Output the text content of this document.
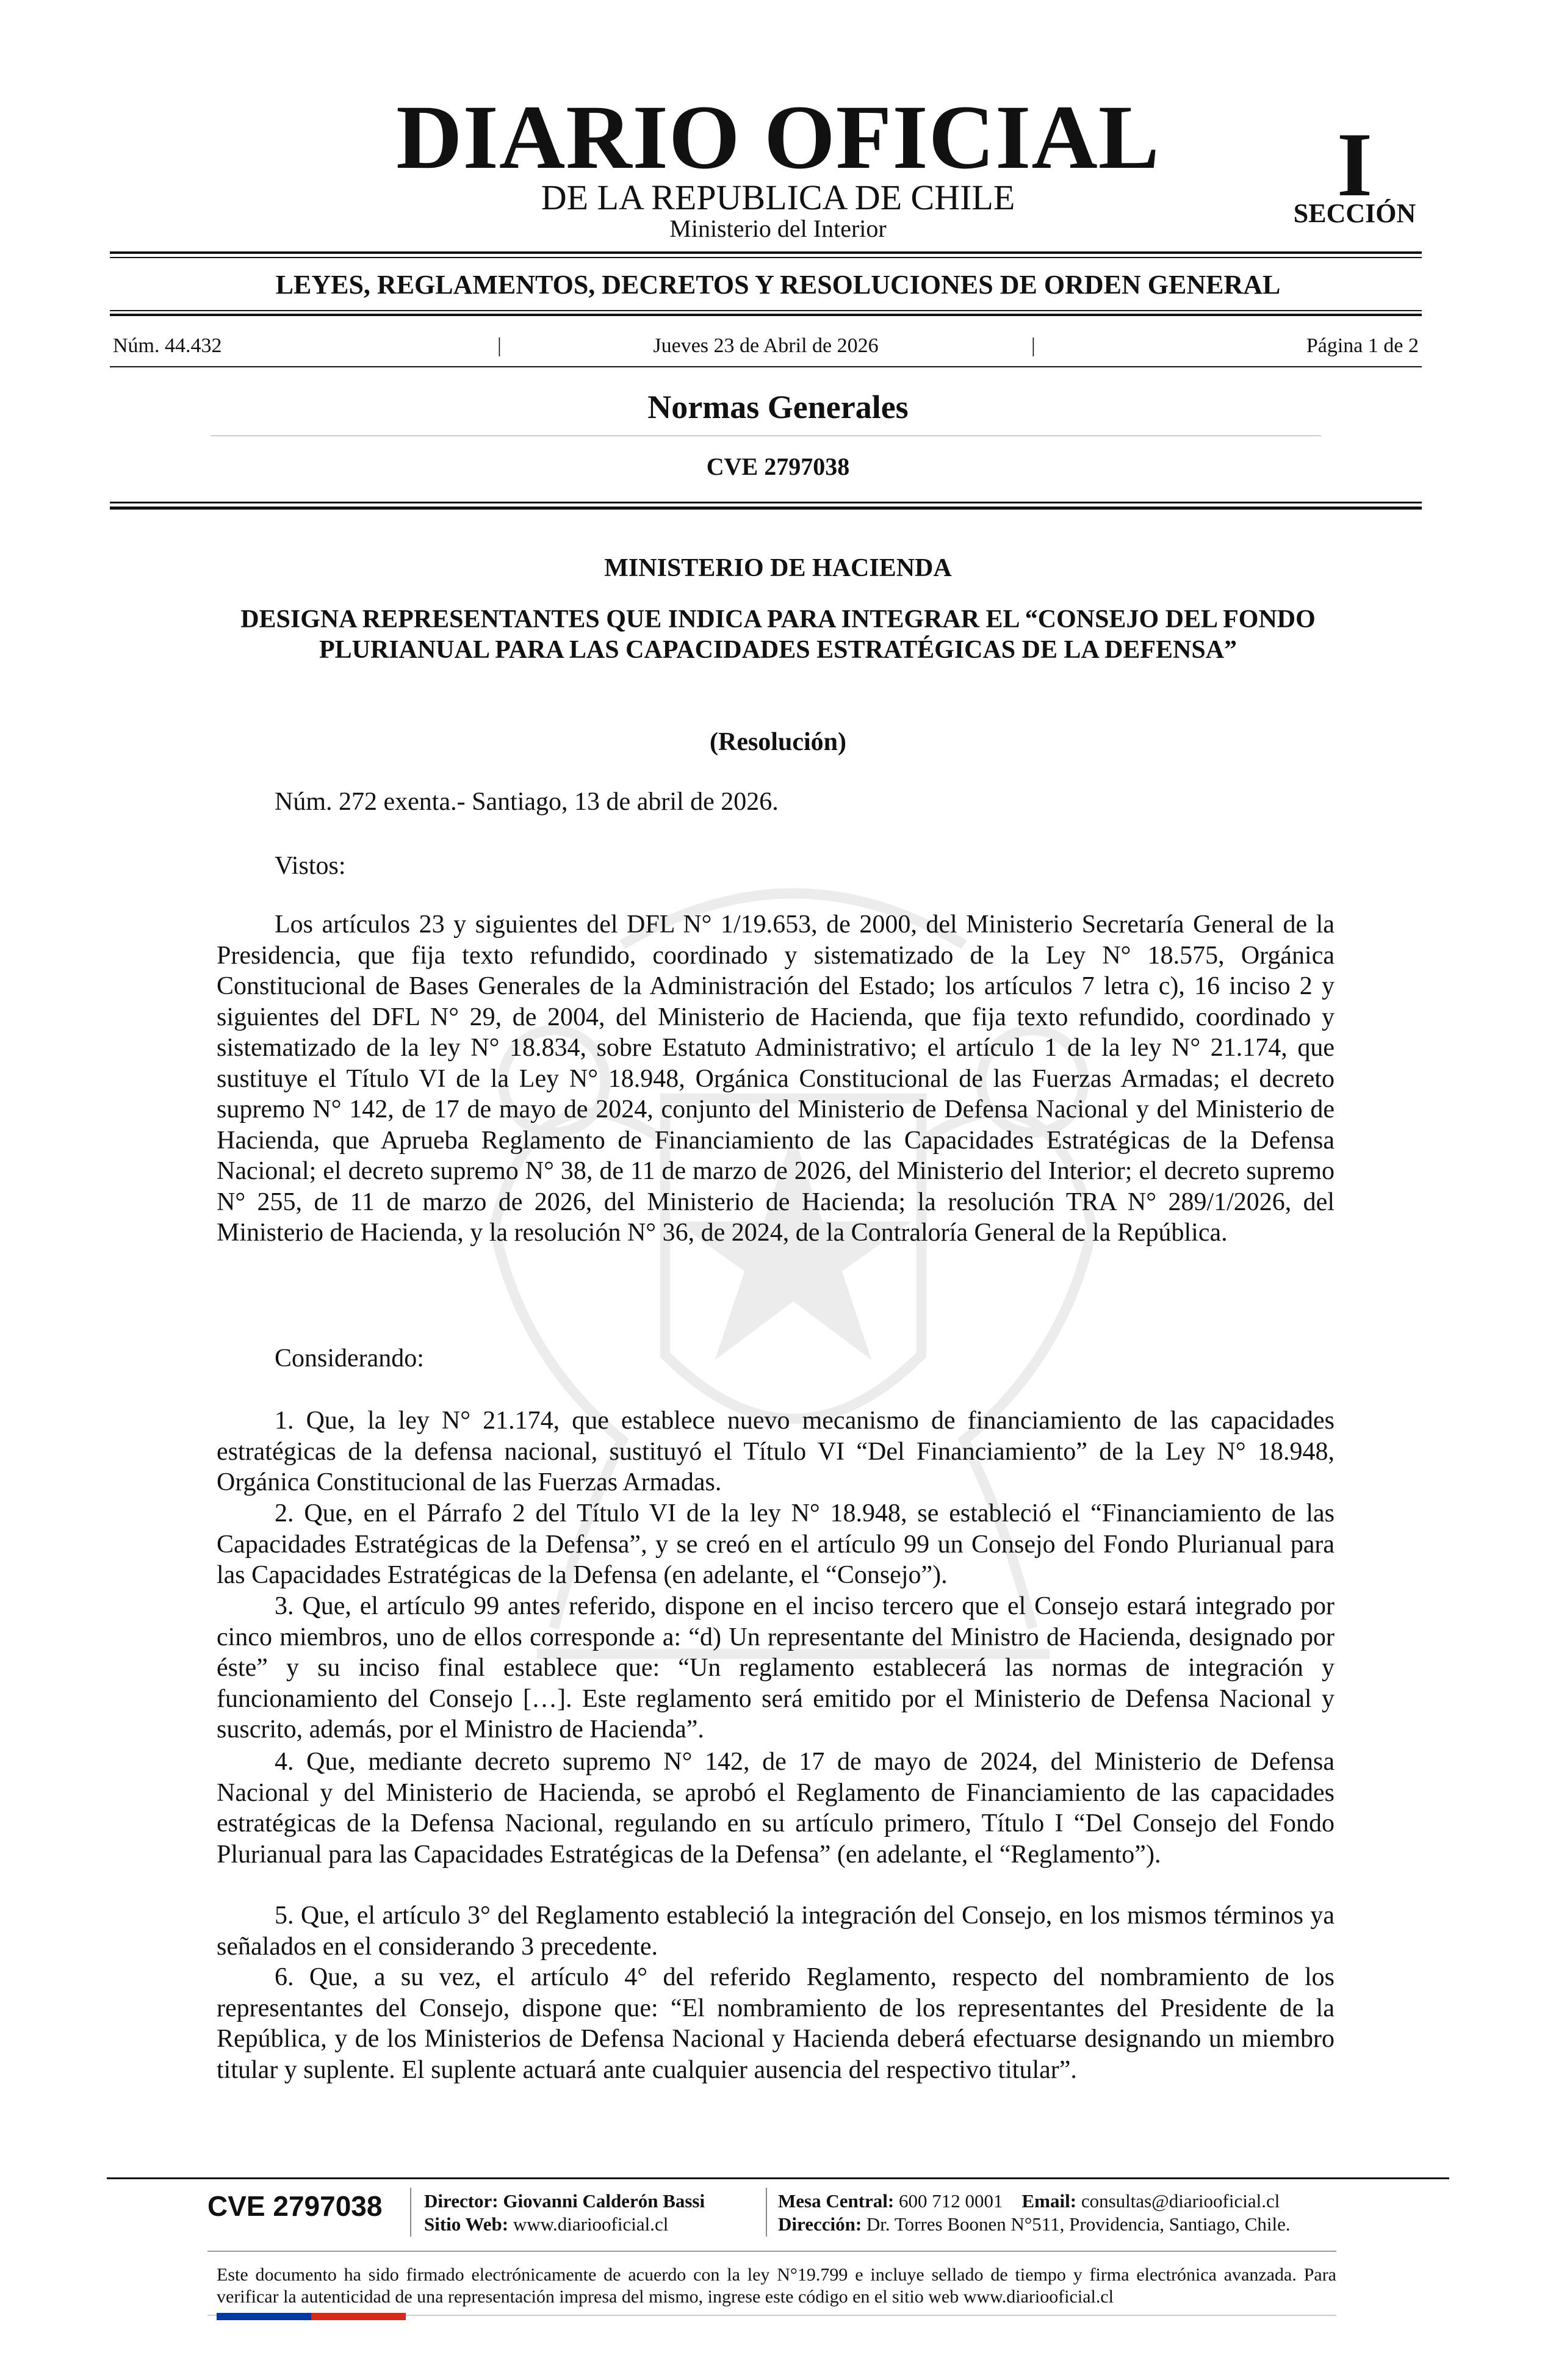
DIARIO OFICIAL
DE LA REPUBLICA DE CHILE
Ministerio del Interior
I
SECCIÓN
LEYES, REGLAMENTOS, DECRETOS Y RESOLUCIONES DE ORDEN GENERAL
Núm. 44.432	|	Jueves 23 de Abril de 2026	|	Página 1 de 2
Normas Generales
CVE 2797038
MINISTERIO DE HACIENDA
DESIGNA REPRESENTANTES QUE INDICA PARA INTEGRAR EL “CONSEJO DEL FONDO PLURIANUAL PARA LAS CAPACIDADES ESTRATÉGICAS DE LA DEFENSA”
(Resolución)
Núm. 272 exenta.- Santiago, 13 de abril de 2026.
Vistos:

Los artículos 23 y siguientes del DFL N° 1/19.653, de 2000, del Ministerio Secretaría General de la Presidencia, que fija texto refundido, coordinado y sistematizado de la Ley N° 18.575, Orgánica Constitucional de Bases Generales de la Administración del Estado; los artículos 7 letra c), 16 inciso 2 y siguientes del DFL N° 29, de 2004, del Ministerio de Hacienda, que fija texto refundido, coordinado y sistematizado de la ley N° 18.834, sobre Estatuto Administrativo; el artículo 1 de la ley N° 21.174, que sustituye el Título VI de la Ley N° 18.948, Orgánica Constitucional de las Fuerzas Armadas; el decreto supremo N° 142, de 17 de mayo de 2024, conjunto del Ministerio de Defensa Nacional y del Ministerio de Hacienda, que Aprueba Reglamento de Financiamiento de las Capacidades Estratégicas de la Defensa Nacional; el decreto supremo N° 38, de 11 de marzo de 2026, del Ministerio del Interior; el decreto supremo N° 255, de 11 de marzo de 2026, del Ministerio de Hacienda; la resolución TRA N° 289/1/2026, del Ministerio de Hacienda, y la resolución N° 36, de 2024, de la Contraloría General de la República.

Considerando:

1. Que, la ley N° 21.174, que establece nuevo mecanismo de financiamiento de las capacidades estratégicas de la defensa nacional, sustituyó el Título VI “Del Financiamiento” de la Ley N° 18.948, Orgánica Constitucional de las Fuerzas Armadas.

2. Que, en el Párrafo 2 del Título VI de la ley N° 18.948, se estableció el “Financiamiento de las Capacidades Estratégicas de la Defensa”, y se creó en el artículo 99 un Consejo del Fondo Plurianual para las Capacidades Estratégicas de la Defensa (en adelante, el “Consejo”).

3. Que, el artículo 99 antes referido, dispone en el inciso tercero que el Consejo estará integrado por cinco miembros, uno de ellos corresponde a: “d) Un representante del Ministro de Hacienda, designado por éste” y su inciso final establece que: “Un reglamento establecerá las normas de integración y funcionamiento del Consejo […]. Este reglamento será emitido por el Ministerio de Defensa Nacional y suscrito, además, por el Ministro de Hacienda”.

4. Que, mediante decreto supremo N° 142, de 17 de mayo de 2024, del Ministerio de Defensa Nacional y del Ministerio de Hacienda, se aprobó el Reglamento de Financiamiento de las capacidades estratégicas de la Defensa Nacional, regulando en su artículo primero, Título I “Del Consejo del Fondo Plurianual para las Capacidades Estratégicas de la Defensa” (en adelante, el “Reglamento”).

5. Que, el artículo 3° del Reglamento estableció la integración del Consejo, en los mismos términos ya señalados en el considerando 3 precedente.

6. Que, a su vez, el artículo 4° del referido Reglamento, respecto del nombramiento de los representantes del Consejo, dispone que: “El nombramiento de los representantes del Presidente de la República, y de los Ministerios de Defensa Nacional y Hacienda deberá efectuarse designando un miembro titular y suplente. El suplente actuará ante cualquier ausencia del respectivo titular”.

CVE 2797038 Director: Giovanni Calderón Bassi
Sitio Web: www.diariooficial.cl
Mesa Central: 600 712 0001 Email: consultas@diariooficial.cl
Dirección: Dr. Torres Boonen N°511, Providencia, Santiago, Chile.
Este documento ha sido firmado electrónicamente de acuerdo con la ley N°19.799 e incluye sellado de tiempo y firma electrónica avanzada. Para verificar la autenticidad de una representación impresa del mismo, ingrese este código en el sitio web www.diariooficial.cl
